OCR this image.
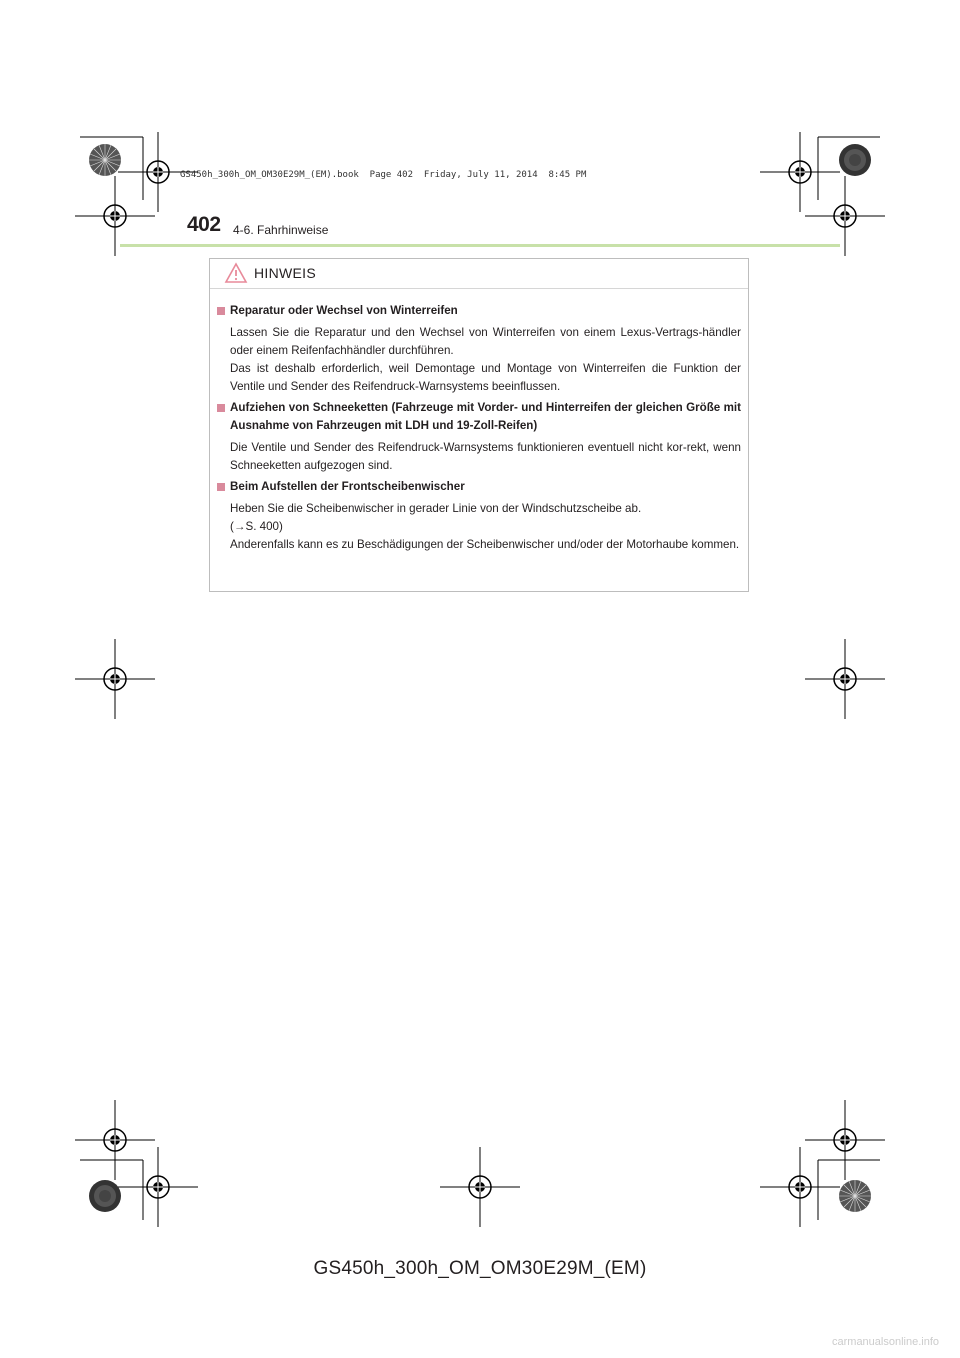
GS450h_300h_OM_OM30E29M_(EM).book  Page 402  Friday, July 11, 2014  8:45 PM
402 4-6. Fahrhinweise
HINWEIS
Reparatur oder Wechsel von Winterreifen

Lassen Sie die Reparatur und den Wechsel von Winterreifen von einem Lexus-Vertrags-händler oder einem Reifenfachhändler durchführen.

Das ist deshalb erforderlich, weil Demontage und Montage von Winterreifen die Funktion der Ventile und Sender des Reifendruck-Warnsystems beeinflussen.

Aufziehen von Schneeketten (Fahrzeuge mit Vorder- und Hinterreifen der gleichen Größe mit Ausnahme von Fahrzeugen mit LDH und 19-Zoll-Reifen)

Die Ventile und Sender des Reifendruck-Warnsystems funktionieren eventuell nicht kor-rekt, wenn Schneeketten aufgezogen sind.

Beim Aufstellen der Frontscheibenwischer

Heben Sie die Scheibenwischer in gerader Linie von der Windschutzscheibe ab.

(→S. 400)

Anderenfalls kann es zu Beschädigungen der Scheibenwischer und/oder der Motorhaube kommen.

GS450h_300h_OM_OM30E29M_(EM)
carmanualsonline.info
